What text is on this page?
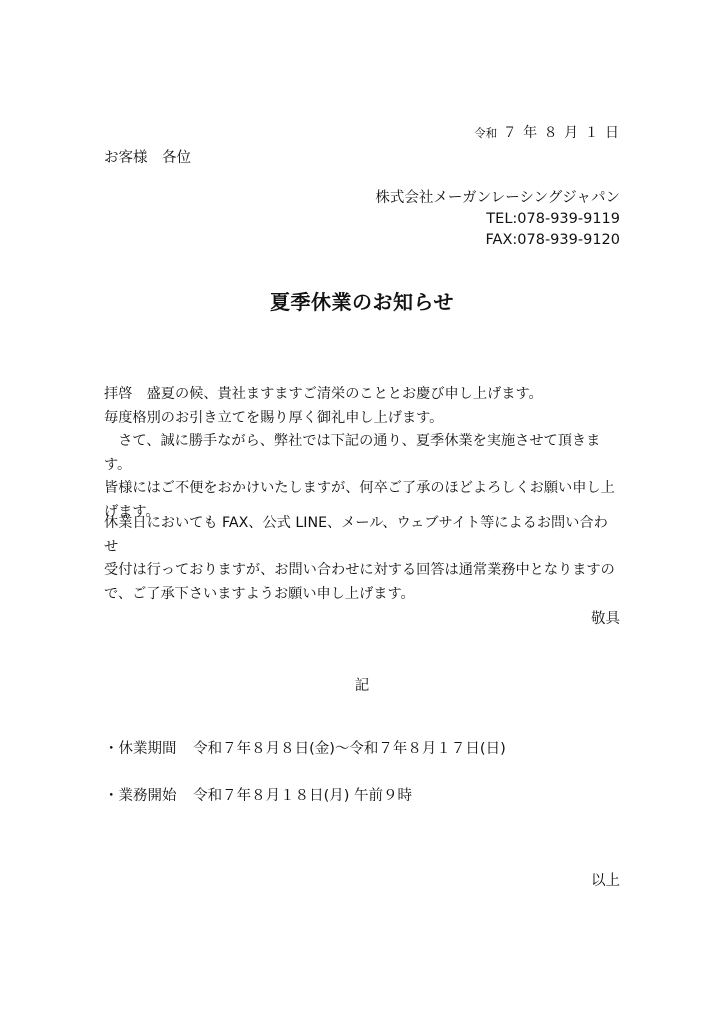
令和 ７ 年 ８ 月 １ 日
お客様　各位
株式会社メーガンレーシングジャパン
TEL:078-939-9119
FAX:078-939-9120
夏季休業のお知らせ

拝啓　盛夏の候、貴社ますますご清栄のこととお慶び申し上げます。

毎度格別のお引き立てを賜り厚く御礼申し上げます。

　さて、誠に勝手ながら、弊社では下記の通り、夏季休業を実施させて頂きます。

皆様にはご不便をおかけいたしますが、何卒ご了承のほどよろしくお願い申し上

げます。

休業日においても FAX、公式 LINE、メール、ウェブサイト等によるお問い合わせ

受付は行っておりますが、お問い合わせに対する回答は通常業務中となりますの

で、ご了承下さいますようお願い申し上げます。

敬具
記
・休業期間 令和７年８月８日(金)〜令和７年８月１７日(日)
・業務開始 令和７年８月１８日(月) 午前９時
以上
